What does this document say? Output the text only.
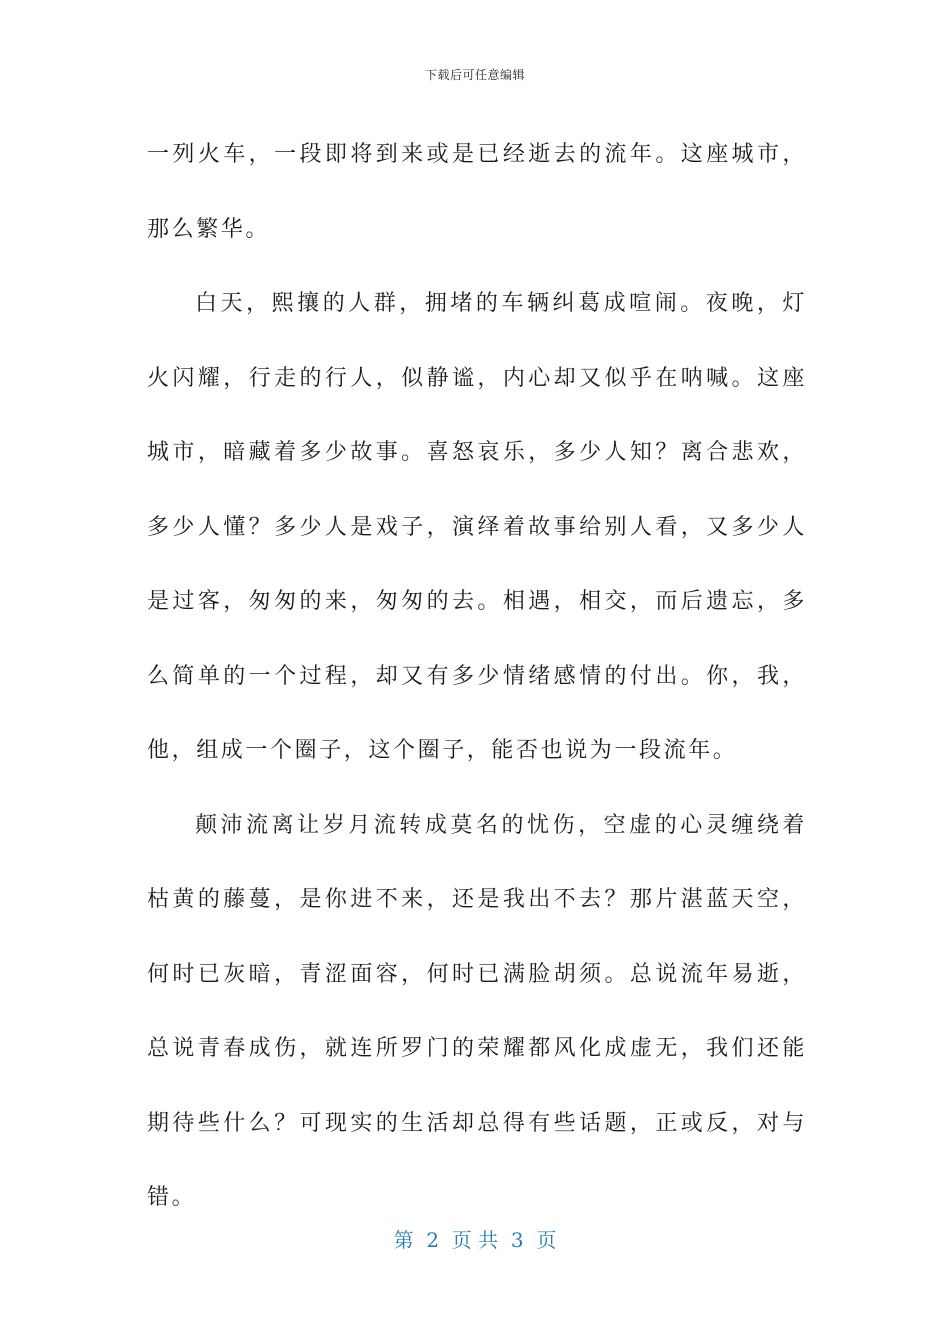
下载后可任意编辑

一列火车，一段即将到来或是已经逝去的流年。这座城市，那么繁华。

白天，熙攘的人群，拥堵的车辆纠葛成喧闹。夜晚，灯火闪耀，行走的行人，似静谧，内心却又似乎在呐喊。这座城市，暗藏着多少故事。喜怒哀乐，多少人知？离合悲欢，多少人懂？多少人是戏子，演绎着故事给别人看，又多少人是过客，匆匆的来，匆匆的去。相遇，相交，而后遗忘，多么简单的一个过程，却又有多少情绪感情的付出。你，我，他，组成一个圈子，这个圈子，能否也说为一段流年。

颠沛流离让岁月流转成莫名的忧伤，空虚的心灵缠绕着枯黄的藤蔓，是你进不来，还是我出不去？那片湛蓝天空，何时已灰暗，青涩面容，何时已满脸胡须。总说流年易逝，总说青春成伤，就连所罗门的荣耀都风化成虚无，我们还能期待些什么？可现实的生活却总得有些话题，正或反，对与错。

第  2  页 共  3  页
